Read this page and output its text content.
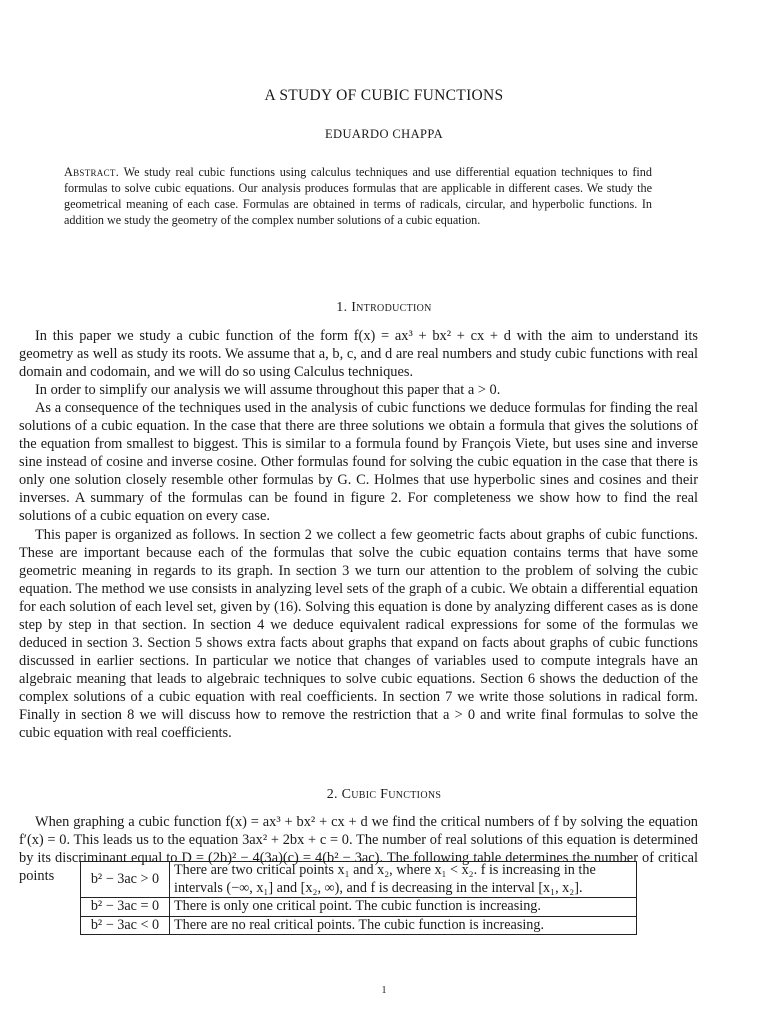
A STUDY OF CUBIC FUNCTIONS
EDUARDO CHAPPA
Abstract. We study real cubic functions using calculus techniques and use differential equation techniques to find formulas to solve cubic equations. Our analysis produces formulas that are applicable in different cases. We study the geometrical meaning of each case. Formulas are obtained in terms of radicals, circular, and hyperbolic functions. In addition we study the geometry of the complex number solutions of a cubic equation.
1. Introduction

In this paper we study a cubic function of the form f(x) = ax³ + bx² + cx + d with the aim to understand its geometry as well as study its roots. We assume that a, b, c, and d are real numbers and study cubic functions with real domain and codomain, and we will do so using Calculus techniques.

In order to simplify our analysis we will assume throughout this paper that a > 0.

As a consequence of the techniques used in the analysis of cubic functions we deduce formulas for finding the real solutions of a cubic equation. In the case that there are three solutions we obtain a formula that gives the solutions of the equation from smallest to biggest. This is similar to a formula found by François Viete, but uses sine and inverse sine instead of cosine and inverse cosine. Other formulas found for solving the cubic equation in the case that there is only one solution closely resemble other formulas by G. C. Holmes that use hyperbolic sines and cosines and their inverses. A summary of the formulas can be found in figure 2. For completeness we show how to find the real solutions of a cubic equation on every case.

This paper is organized as follows. In section 2 we collect a few geometric facts about graphs of cubic functions. These are important because each of the formulas that solve the cubic equation contains terms that have some geometric meaning in regards to its graph. In section 3 we turn our attention to the problem of solving the cubic equation. The method we use consists in analyzing level sets of the graph of a cubic. We obtain a differential equation for each solution of each level set, given by (16). Solving this equation is done by analyzing different cases as is done step by step in that section. In section 4 we deduce equivalent radical expressions for some of the formulas we deduced in section 3. Section 5 shows extra facts about graphs that expand on facts about graphs of cubic functions discussed in earlier sections. In particular we notice that changes of variables used to compute integrals have an algebraic meaning that leads to algebraic techniques to solve cubic equations. Section 6 shows the deduction of the complex solutions of a cubic equation with real coefficients. In section 7 we write those solutions in radical form. Finally in section 8 we will discuss how to remove the restriction that a > 0 and write final formulas to solve the cubic equation with real coefficients.

2. Cubic Functions

When graphing a cubic function f(x) = ax³ + bx² + cx + d we find the critical numbers of f by solving the equation f′(x) = 0. This leads us to the equation 3ax² + 2bx + c = 0. The number of real solutions of this equation is determined by its discriminant equal to D = (2b)² − 4(3a)(c) = 4(b² − 3ac). The following table determines the number of critical points	b² − 3ac > 0	There are two critical points x₁ and x₂, where x₁ < x₂. f is increasing in the intervals (−∞, x₁] and [x₂, ∞), and f is decreasing in the interval [x₁, x₂].
b² − 3ac = 0	There is only one critical point. The cubic function is increasing.
b² − 3ac < 0	There are no real critical points. The cubic function is increasing.
1
